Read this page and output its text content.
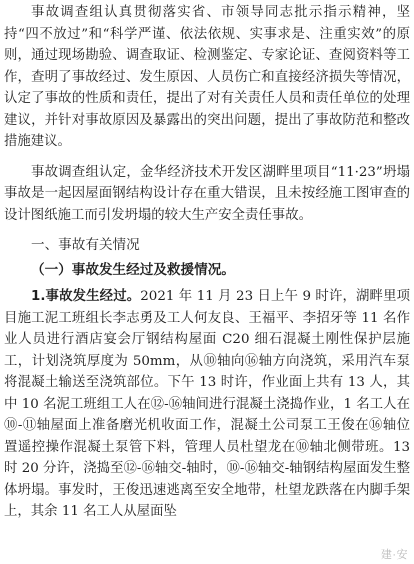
事故调查组认真贯彻落实省、市领导同志批示指示精神，坚持“四不放过”和“科学严谨、依法依规、实事求是、注重实效”的原则，通过现场勘验、调查取证、检测鉴定、专家论证、查阅资料等工作，查明了事故经过、发生原因、人员伤亡和直接经济损失等情况，认定了事故的性质和责任，提出了对有关责任人员和责任单位的处理建议，并针对事故原因及暴露出的突出问题，提出了事故防范和整改措施建议。

事故调查组认定，金华经济技术开发区湖畔里项目“11·23”坍塌事故是一起因屋面钢结构设计存在重大错误，且未按经施工图审查的设计图纸施工而引发坍塌的较大生产安全责任事故。

一、事故有关情况

（一）事故发生经过及救援情况。

1.事故发生经过。2021 年 11 月 23 日上午 9 时许，湖畔里项目施工泥工班组长李志勇及工人何友良、王福平、李招牙等 11 名作业人员进行酒店宴会厅钢结构屋面 C20 细石混凝土刚性保护层施工，计划浇筑厚度为 50mm，从⑩轴向⑯轴方向浇筑，采用汽车泵将混凝土输送至浇筑部位。下午 13 时许，作业面上共有 13 人，其中 10 名泥工班组工人在⑫-⑯轴间进行混凝土浇捣作业，1 名工人在⑩-⑪轴屋面上准备磨光机收面工作，混凝土公司泵工王俊在⑯轴位置遥控操作混凝土泵管下料，管理人员杜望龙在⑩轴北侧带班。13 时 20 分许，浇捣至⑫-⑯轴交-轴时，⑩-⑯轴交-轴钢结构屋面发生整体坍塌。事发时，王俊迅速逃离至安全地带，杜望龙跌落在内脚手架上，其余 11 名工人从屋面坠

建·安
